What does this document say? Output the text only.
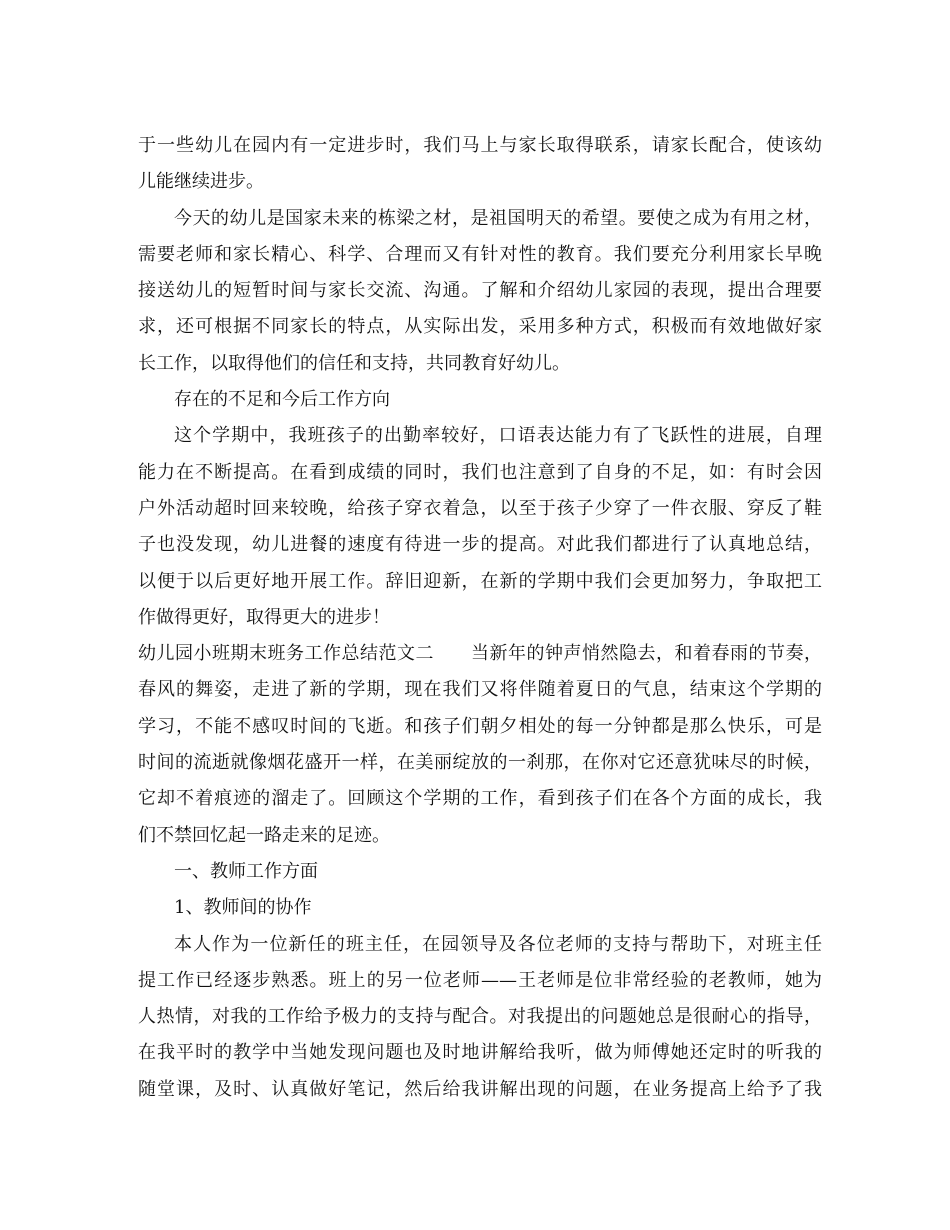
于一些幼儿在园内有一定进步时，我们马上与家长取得联系，请家长配合，使该幼
儿能继续进步。
今天的幼儿是国家未来的栋梁之材，是祖国明天的希望。要使之成为有用之材，
需要老师和家长精心、科学、合理而又有针对性的教育。我们要充分利用家长早晚
接送幼儿的短暂时间与家长交流、沟通。了解和介绍幼儿家园的表现，提出合理要
求，还可根据不同家长的特点，从实际出发，采用多种方式，积极而有效地做好家
长工作，以取得他们的信任和支持，共同教育好幼儿。
存在的不足和今后工作方向
这个学期中，我班孩子的出勤率较好，口语表达能力有了飞跃性的进展，自理
能力在不断提高。在看到成绩的同时，我们也注意到了自身的不足，如：有时会因
户外活动超时回来较晚，给孩子穿衣着急，以至于孩子少穿了一件衣服、穿反了鞋
子也没发现，幼儿进餐的速度有待进一步的提高。对此我们都进行了认真地总结，
以便于以后更好地开展工作。辞旧迎新，在新的学期中我们会更加努力，争取把工
作做得更好，取得更大的进步！
幼儿园小班期末班务工作总结范文二　　当新年的钟声悄然隐去，和着春雨的节奏，
春风的舞姿，走进了新的学期，现在我们又将伴随着夏日的气息，结束这个学期的
学习，不能不感叹时间的飞逝。和孩子们朝夕相处的每一分钟都是那么快乐，可是
时间的流逝就像烟花盛开一样，在美丽绽放的一刹那，在你对它还意犹味尽的时候，
它却不着痕迹的溜走了。回顾这个学期的工作，看到孩子们在各个方面的成长，我
们不禁回忆起一路走来的足迹。
一、教师工作方面
1、教师间的协作
本人作为一位新任的班主任，在园领导及各位老师的支持与帮助下，对班主任
提工作已经逐步熟悉。班上的另一位老师——王老师是位非常经验的老教师，她为
人热情，对我的工作给予极力的支持与配合。对我提出的问题她总是很耐心的指导，
在我平时的教学中当她发现问题也及时地讲解给我听，做为师傅她还定时的听我的
随堂课，及时、认真做好笔记，然后给我讲解出现的问题，在业务提高上给予了我
